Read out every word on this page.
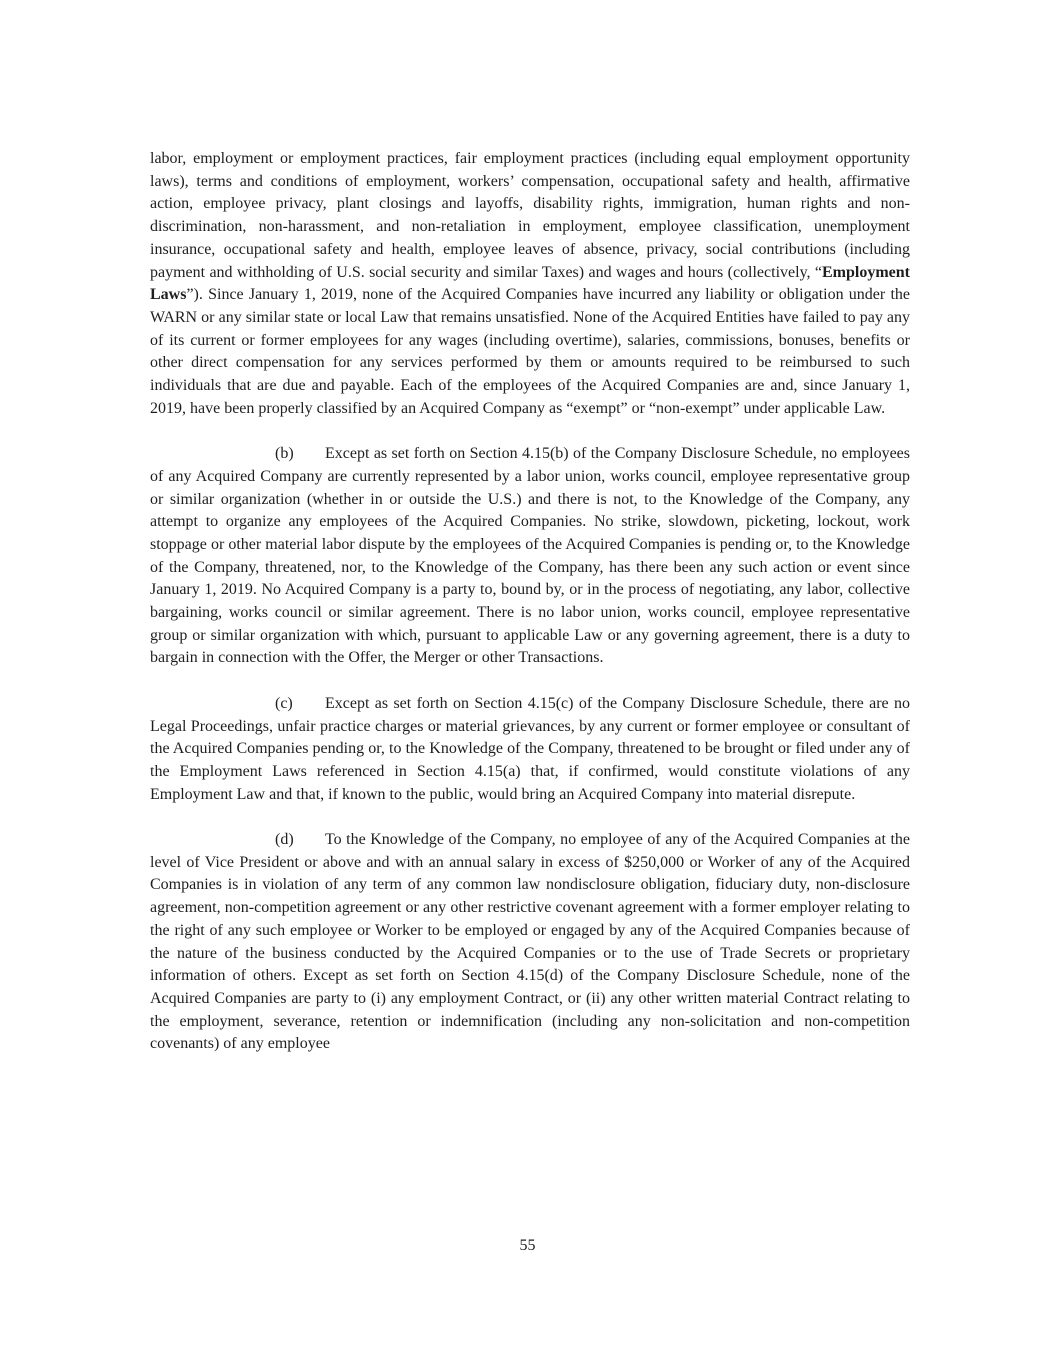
labor, employment or employment practices, fair employment practices (including equal employment opportunity laws), terms and conditions of employment, workers’ compensation, occupational safety and health, affirmative action, employee privacy, plant closings and layoffs, disability rights, immigration, human rights and non-discrimination, non-harassment, and non-retaliation in employment, employee classification, unemployment insurance, occupational safety and health, employee leaves of absence, privacy, social contributions (including payment and withholding of U.S. social security and similar Taxes) and wages and hours (collectively, “Employment Laws”). Since January 1, 2019, none of the Acquired Companies have incurred any liability or obligation under the WARN or any similar state or local Law that remains unsatisfied. None of the Acquired Entities have failed to pay any of its current or former employees for any wages (including overtime), salaries, commissions, bonuses, benefits or other direct compensation for any services performed by them or amounts required to be reimbursed to such individuals that are due and payable. Each of the employees of the Acquired Companies are and, since January 1, 2019, have been properly classified by an Acquired Company as “exempt” or “non-exempt” under applicable Law.

(b) Except as set forth on Section 4.15(b) of the Company Disclosure Schedule, no employees of any Acquired Company are currently represented by a labor union, works council, employee representative group or similar organization (whether in or outside the U.S.) and there is not, to the Knowledge of the Company, any attempt to organize any employees of the Acquired Companies. No strike, slowdown, picketing, lockout, work stoppage or other material labor dispute by the employees of the Acquired Companies is pending or, to the Knowledge of the Company, threatened, nor, to the Knowledge of the Company, has there been any such action or event since January 1, 2019. No Acquired Company is a party to, bound by, or in the process of negotiating, any labor, collective bargaining, works council or similar agreement. There is no labor union, works council, employee representative group or similar organization with which, pursuant to applicable Law or any governing agreement, there is a duty to bargain in connection with the Offer, the Merger or other Transactions.

(c) Except as set forth on Section 4.15(c) of the Company Disclosure Schedule, there are no Legal Proceedings, unfair practice charges or material grievances, by any current or former employee or consultant of the Acquired Companies pending or, to the Knowledge of the Company, threatened to be brought or filed under any of the Employment Laws referenced in Section 4.15(a) that, if confirmed, would constitute violations of any Employment Law and that, if known to the public, would bring an Acquired Company into material disrepute.

(d) To the Knowledge of the Company, no employee of any of the Acquired Companies at the level of Vice President or above and with an annual salary in excess of $250,000 or Worker of any of the Acquired Companies is in violation of any term of any common law nondisclosure obligation, fiduciary duty, non-disclosure agreement, non-competition agreement or any other restrictive covenant agreement with a former employer relating to the right of any such employee or Worker to be employed or engaged by any of the Acquired Companies because of the nature of the business conducted by the Acquired Companies or to the use of Trade Secrets or proprietary information of others. Except as set forth on Section 4.15(d) of the Company Disclosure Schedule, none of the Acquired Companies are party to (i) any employment Contract, or (ii) any other written material Contract relating to the employment, severance, retention or indemnification (including any non-solicitation and non-competition covenants) of any employee

55
